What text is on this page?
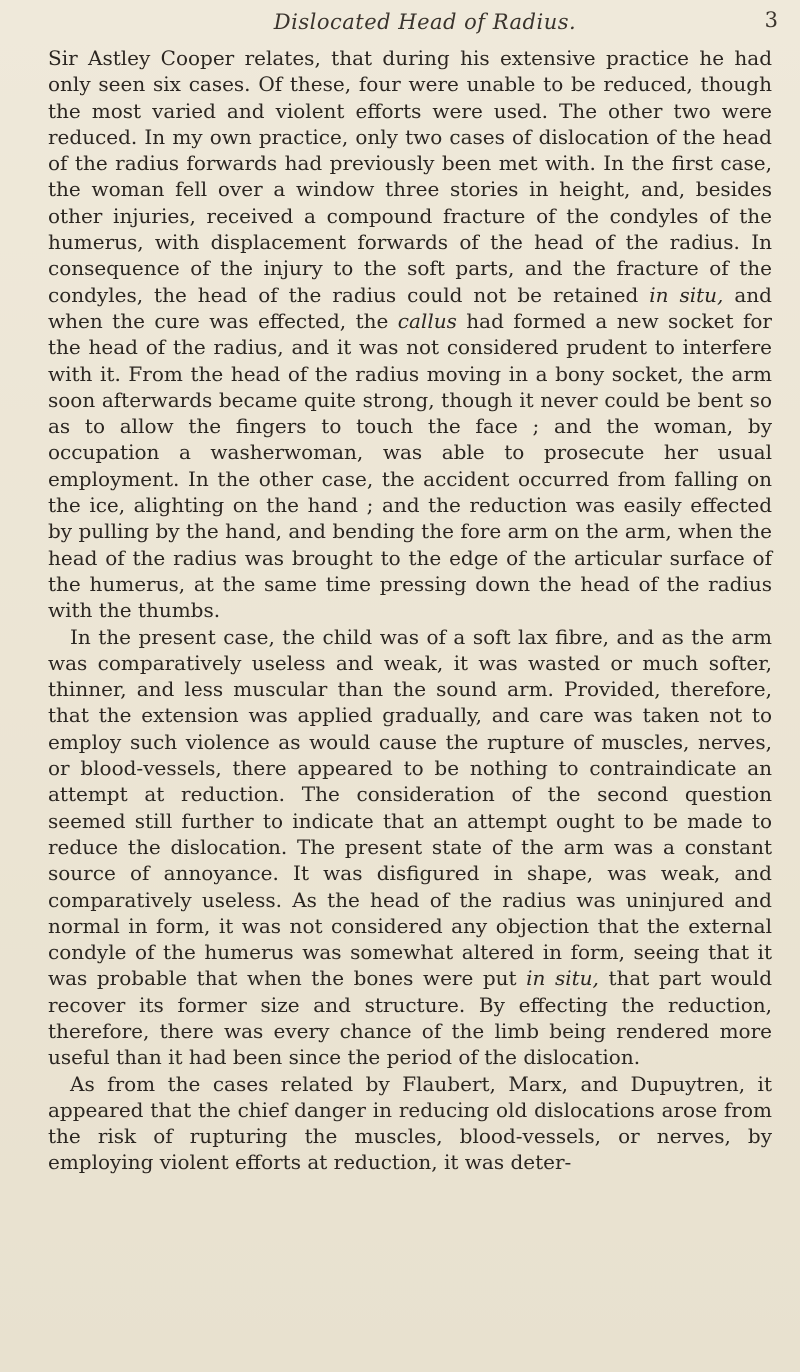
Dislocated Head of Radius.	3

Sir Astley Cooper relates, that during his extensive practice he had only seen six cases. Of these, four were unable to be reduced, though the most varied and violent efforts were used. The other two were reduced. In my own practice, only two cases of dislocation of the head of the radius forwards had previously been met with. In the first case, the woman fell over a window three stories in height, and, besides other injuries, received a compound fracture of the condyles of the humerus, with displacement forwards of the head of the radius. In consequence of the injury to the soft parts, and the fracture of the condyles, the head of the radius could not be retained in situ, and when the cure was effected, the callus had formed a new socket for the head of the radius, and it was not considered prudent to interfere with it. From the head of the radius moving in a bony socket, the arm soon afterwards became quite strong, though it never could be bent so as to allow the fingers to touch the face ; and the woman, by occupation a washerwoman, was able to prosecute her usual employment. In the other case, the accident occurred from falling on the ice, alighting on the hand ; and the reduction was easily effected by pulling by the hand, and bending the fore arm on the arm, when the head of the radius was brought to the edge of the articular surface of the humerus, at the same time pressing down the head of the radius with the thumbs.

In the present case, the child was of a soft lax fibre, and as the arm was comparatively useless and weak, it was wasted or much softer, thinner, and less muscular than the sound arm. Provided, therefore, that the extension was applied gradually, and care was taken not to employ such violence as would cause the rupture of muscles, nerves, or blood-vessels, there appeared to be nothing to contraindicate an attempt at reduction. The consideration of the second question seemed still further to indicate that an attempt ought to be made to reduce the dislocation. The present state of the arm was a constant source of annoyance. It was disfigured in shape, was weak, and comparatively useless. As the head of the radius was uninjured and normal in form, it was not considered any objection that the external condyle of the humerus was somewhat altered in form, seeing that it was probable that when the bones were put in situ, that part would recover its former size and structure. By effecting the reduction, therefore, there was every chance of the limb being rendered more useful than it had been since the period of the dislocation.

As from the cases related by Flaubert, Marx, and Dupuytren, it appeared that the chief danger in reducing old dislocations arose from the risk of rupturing the muscles, blood-vessels, or nerves, by employing violent efforts at reduction, it was deter-
